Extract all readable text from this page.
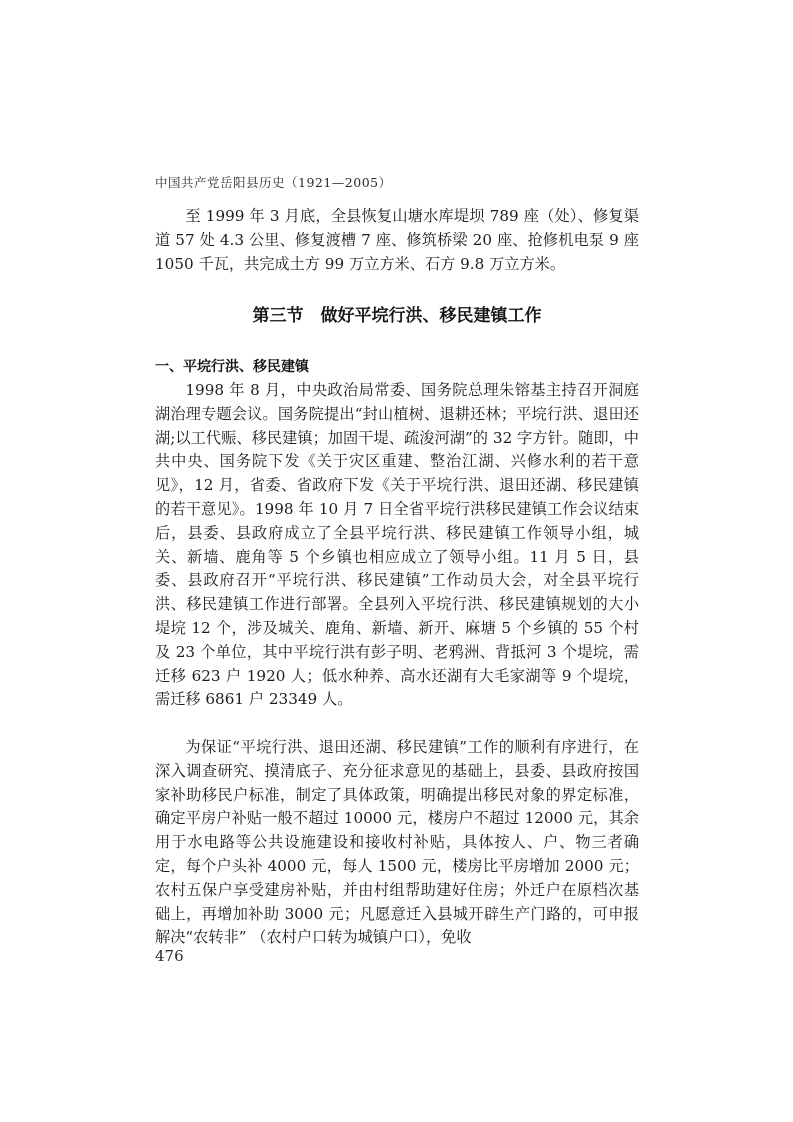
中国共产党岳阳县历史（1921—2005）

至 1999 年 3 月底，全县恢复山塘水库堤坝 789 座（处）、修复渠道 57 处 4.3 公里、修复渡槽 7 座、修筑桥梁 20 座、抢修机电泵 9 座 1050 千瓦，共完成土方 99 万立方米、石方 9.8 万立方米。

第三节　做好平垸行洪、移民建镇工作
一、平垸行洪、移民建镇

1998 年 8 月，中央政治局常委、国务院总理朱镕基主持召开洞庭湖治理专题会议。国务院提出“封山植树、退耕还林；平垸行洪、退田还湖;以工代赈、移民建镇；加固干堤、疏浚河湖”的 32 字方针。随即，中共中央、国务院下发《关于灾区重建、整治江湖、兴修水利的若干意见》，12 月，省委、省政府下发《关于平垸行洪、退田还湖、移民建镇的若干意见》。1998 年 10 月 7 日全省平垸行洪移民建镇工作会议结束后，县委、县政府成立了全县平垸行洪、移民建镇工作领导小组，城关、新墙、鹿角等 5 个乡镇也相应成立了领导小组。11 月 5 日，县委、县政府召开“平垸行洪、移民建镇”工作动员大会，对全县平垸行洪、移民建镇工作进行部署。全县列入平垸行洪、移民建镇规划的大小堤垸 12 个，涉及城关、鹿角、新墙、新开、麻塘 5 个乡镇的 55 个村及 23 个单位，其中平垸行洪有彭子明、老鸦洲、背抵河 3 个堤垸，需迁移 623 户 1920 人；低水种养、高水还湖有大毛家湖等 9 个堤垸，需迁移 6861 户 23349 人。

为保证“平垸行洪、退田还湖、移民建镇”工作的顺利有序进行，在深入调查研究、摸清底子、充分征求意见的基础上，县委、县政府按国家补助移民户标准，制定了具体政策，明确提出移民对象的界定标准，确定平房户补贴一般不超过 10000 元，楼房户不超过 12000 元，其余用于水电路等公共设施建设和接收村补贴，具体按人、户、物三者确定，每个户头补 4000 元，每人 1500 元，楼房比平房增加 2000 元；农村五保户享受建房补贴，并由村组帮助建好住房；外迁户在原档次基础上，再增加补助 3000 元；凡愿意迁入县城开辟生产门路的，可申报解决“农转非” （农村户口转为城镇户口），免收

476
